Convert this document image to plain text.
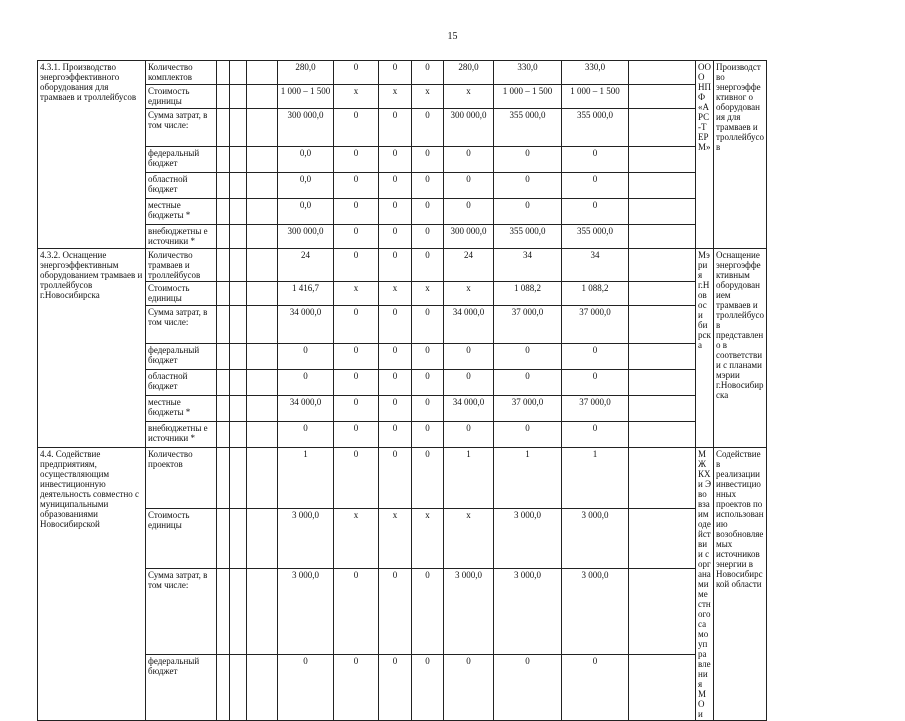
15
4.3.1. Производство энергоэффективного оборудования для трамваев и троллейбусов	Количество комплектов				280,0	0	0	0	280,0	330,0	330,0		ООО НПФ «АРС-ТЕРМ»	Производство энергоэффективног о оборудования для трамваев и троллейбусов
	Стоимость единицы				1 000 – 1 500	х	х	х	х	1 000 – 1 500	1 000 – 1 500			
	Сумма затрат, в том числе:				300 000,0	0	0	0	300 000,0	355 000,0	355 000,0			
	федеральный бюджет				0,0	0	0	0	0	0	0			
	областной бюджет				0,0	0	0	0	0	0	0			
	местные бюджеты *				0,0	0	0	0	0	0	0			
	внебюджетны е источники *				300 000,0	0	0	0	300 000,0	355 000,0	355 000,0			
4.3.2. Оснащение энергоэффективным оборудованием трамваев и троллейбусов г.Новосибирска	Количество трамваев и троллейбусов				24	0	0	0	24	34	34		Мэрия г.Новоси бирска	Оснащение энергоэффективным оборудованием трамваев и троллейбусов представлено в соответствии с планами мэрии г.Новосибирска
	Стоимость единицы				1 416,7	х	х	х	х	1 088,2	1 088,2			
	Сумма затрат, в том числе:				34 000,0	0	0	0	34 000,0	37 000,0	37 000,0			
	федеральный бюджет				0	0	0	0	0	0	0			
	областной бюджет				0	0	0	0	0	0	0			
	местные бюджеты *				34 000,0	0	0	0	34 000,0	37 000,0	37 000,0			
	внебюджетны е источники *				0	0	0	0	0	0	0			
4.4. Содействие предприятиям, осуществляющим инвестиционную деятельность совместно с муниципальными образованиями Новосибирской	Количество проектов				1	0	0	0	1	1	1		МЖКХи Э во взаимоде йствии с органами местного самоупра вления МО и	Содействие в реализации инвестиционных проектов по использованию возобновляемых источников энергии в Новосибирской области
	Стоимость единицы				3 000,0	х	х	х	х	3 000,0	3 000,0			
	Сумма затрат, в том числе:				3 000,0	0	0	0	3 000,0	3 000,0	3 000,0			
	федеральный бюджет				0	0	0	0	0	0	0			
